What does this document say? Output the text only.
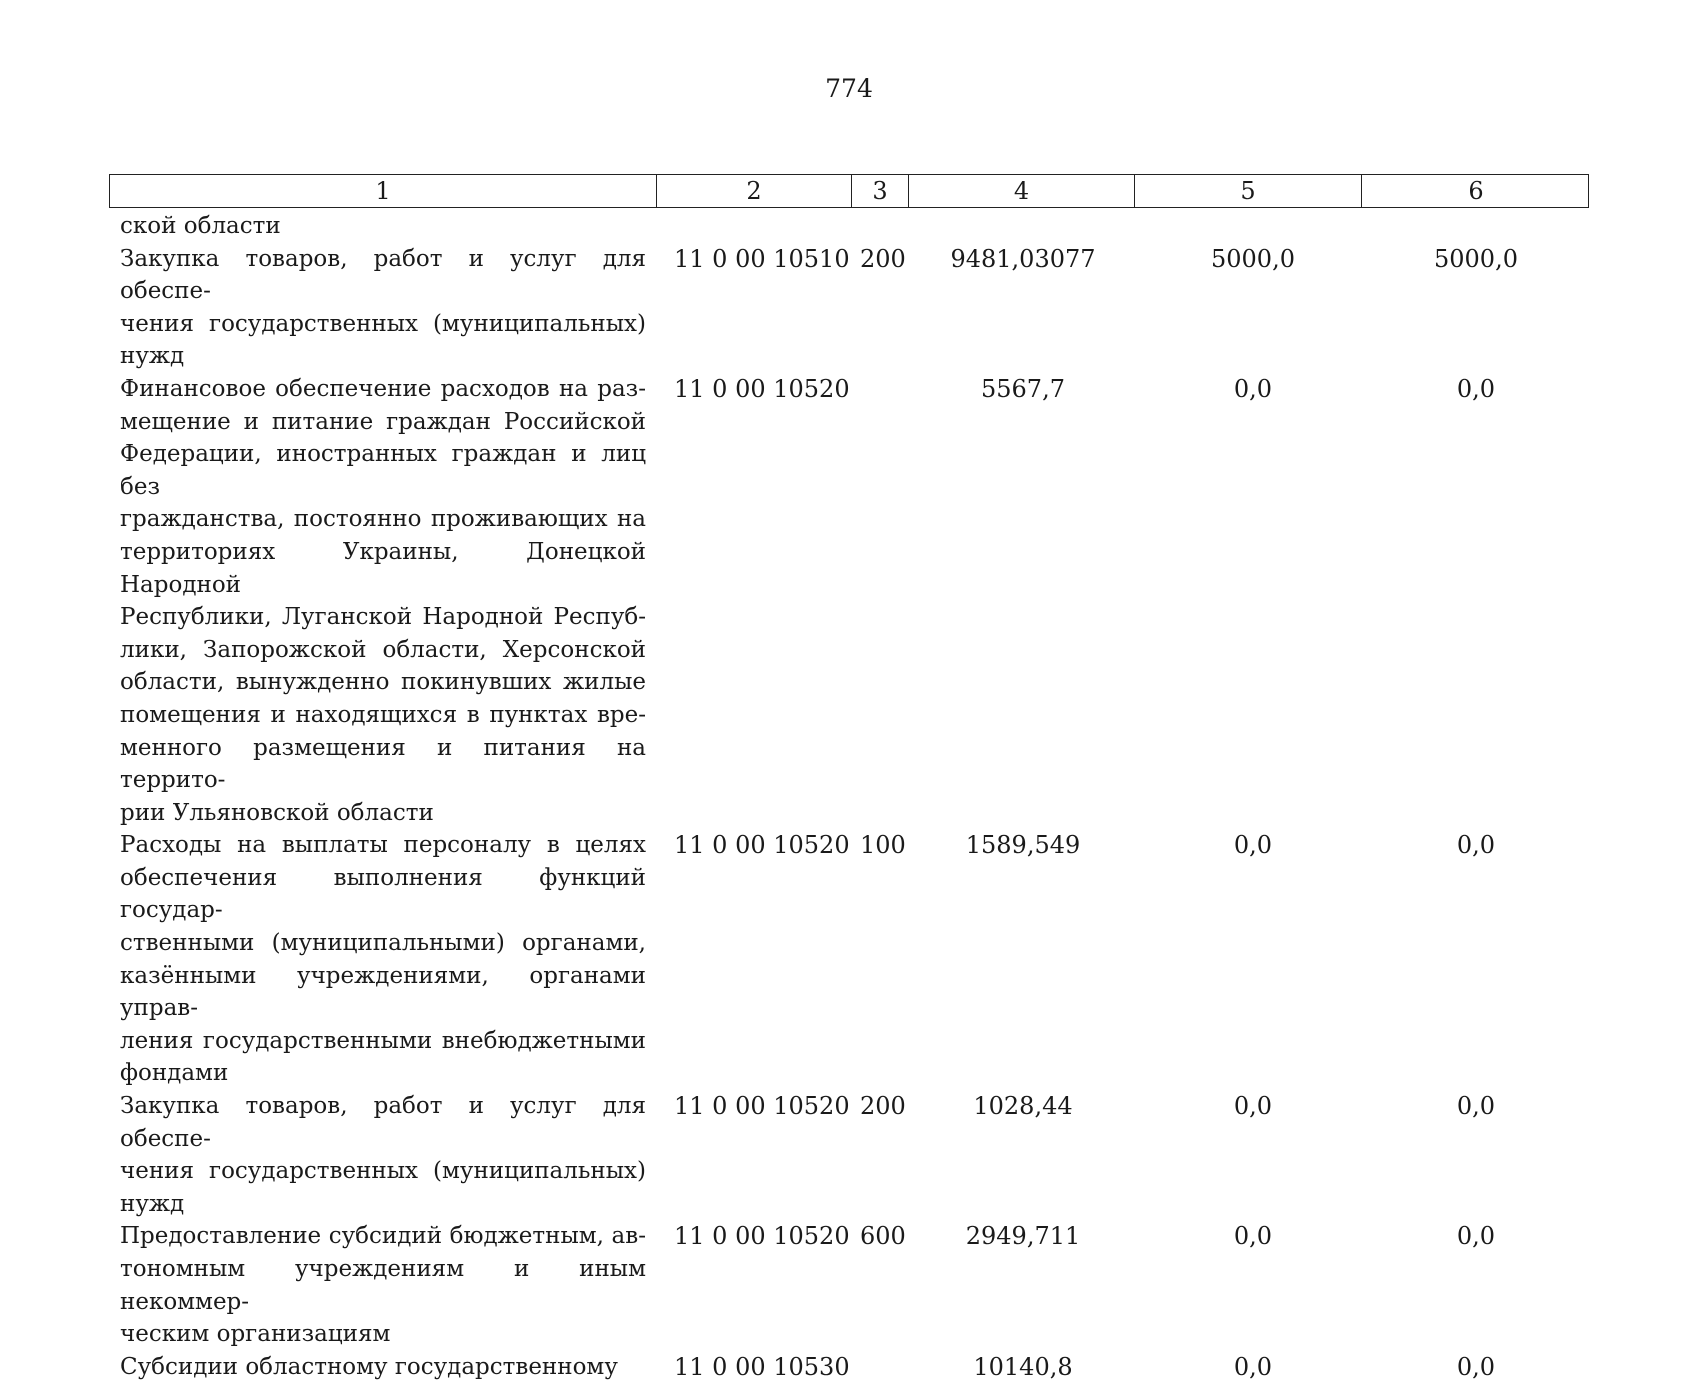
774
1	2	3	4	5	6
ской области
Закупка товаров, работ и услуг для обеспе-
чения государственных (муниципальных)
нужд
11 0 00 10510 200	9481,03077	5000,0	5000,0
Финансовое обеспечение расходов на раз-
мещение и питание граждан Российской
Федерации, иностранных граждан и лиц без
гражданства, постоянно проживающих на
территориях Украины, Донецкой Народной
Республики, Луганской Народной Респуб-
лики, Запорожской области, Херсонской
области, вынужденно покинувших жилые
помещения и находящихся в пунктах вре-
менного размещения и питания на террито-
рии Ульяновской области
11 0 00 10520	5567,7	0,0	0,0
Расходы на выплаты персоналу в целях
обеспечения выполнения функций государ-
ственными (муниципальными) органами,
казёнными учреждениями, органами управ-
ления государственными внебюджетными
фондами
11 0 00 10520 100	1589,549	0,0	0,0
Закупка товаров, работ и услуг для обеспе-
чения государственных (муниципальных)
нужд
11 0 00 10520 200	1028,44	0,0	0,0
Предоставление субсидий бюджетным, ав-
тономным учреждениям и иным некоммер-
ческим организациям
11 0 00 10520 600	2949,711	0,0	0,0
Субсидии областному государственному	11 0 00 10530	10140,8	0,0	0,0
